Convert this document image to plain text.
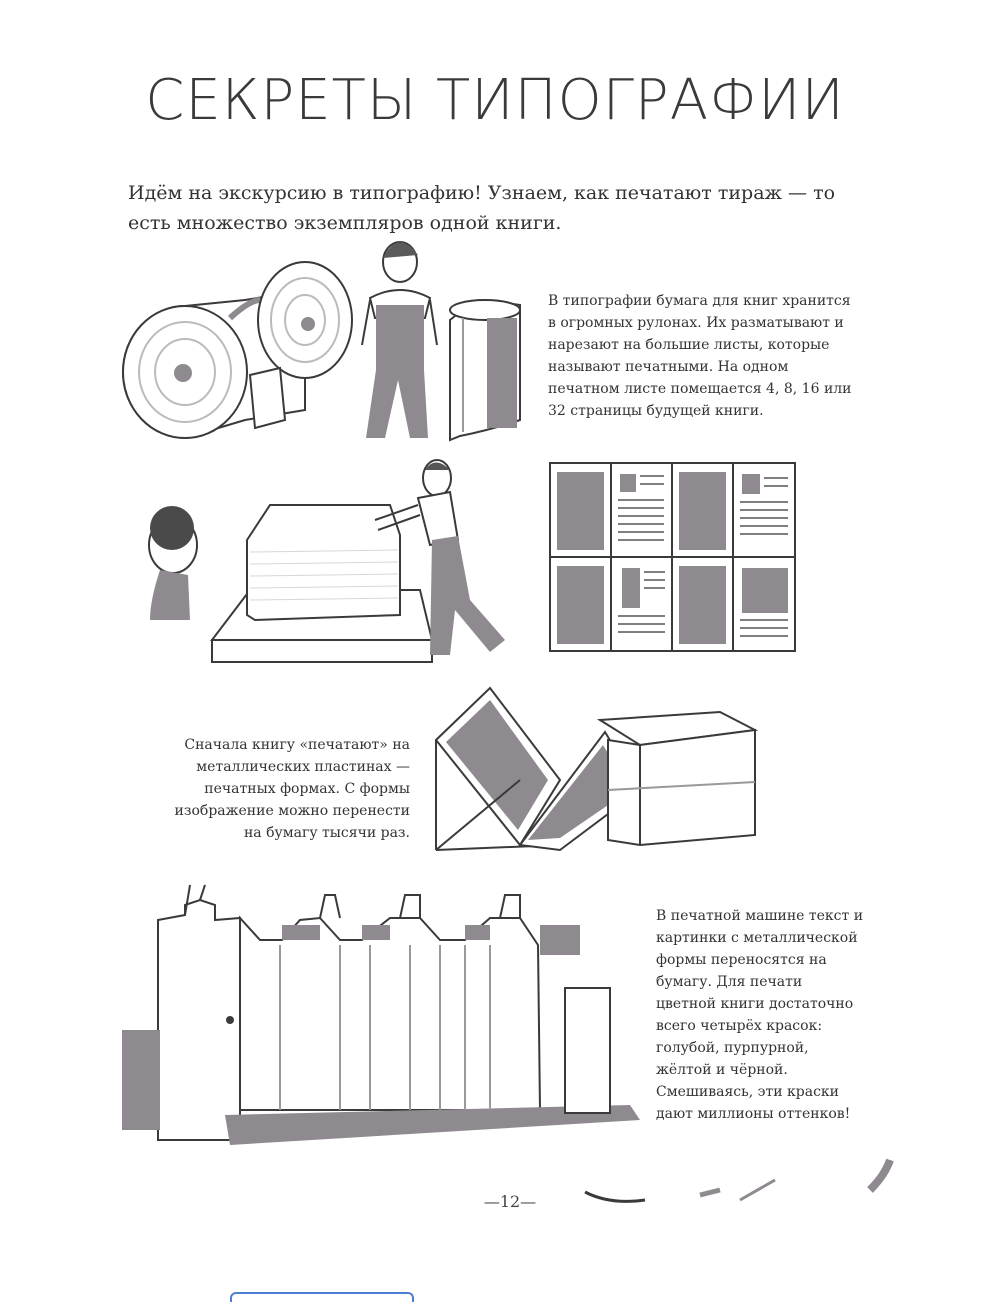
СЕКРЕТЫ ТИПОГРАФИИ
Идём на экскурсию в типографию! Узнаем, как печатают тираж — то есть множество экземпляров одной книги.
В типографии бумага для книг хранится в огромных рулонах. Их разматывают и нарезают на большие листы, которые называют печатными. На одном печатном листе помещается 4, 8, 16 или 32 страницы будущей книги.
Сначала книгу «печатают» на металлических пластинах — печатных формах. С формы изображение можно перенести на бумагу тысячи раз.
В печатной машине текст и картинки с металлической формы переносятся на бумагу. Для печати цветной книги достаточно всего четырёх красок: голубой, пурпурной, жёлтой и чёрной. Смешиваясь, эти краски дают миллионы оттенков!
—12—
